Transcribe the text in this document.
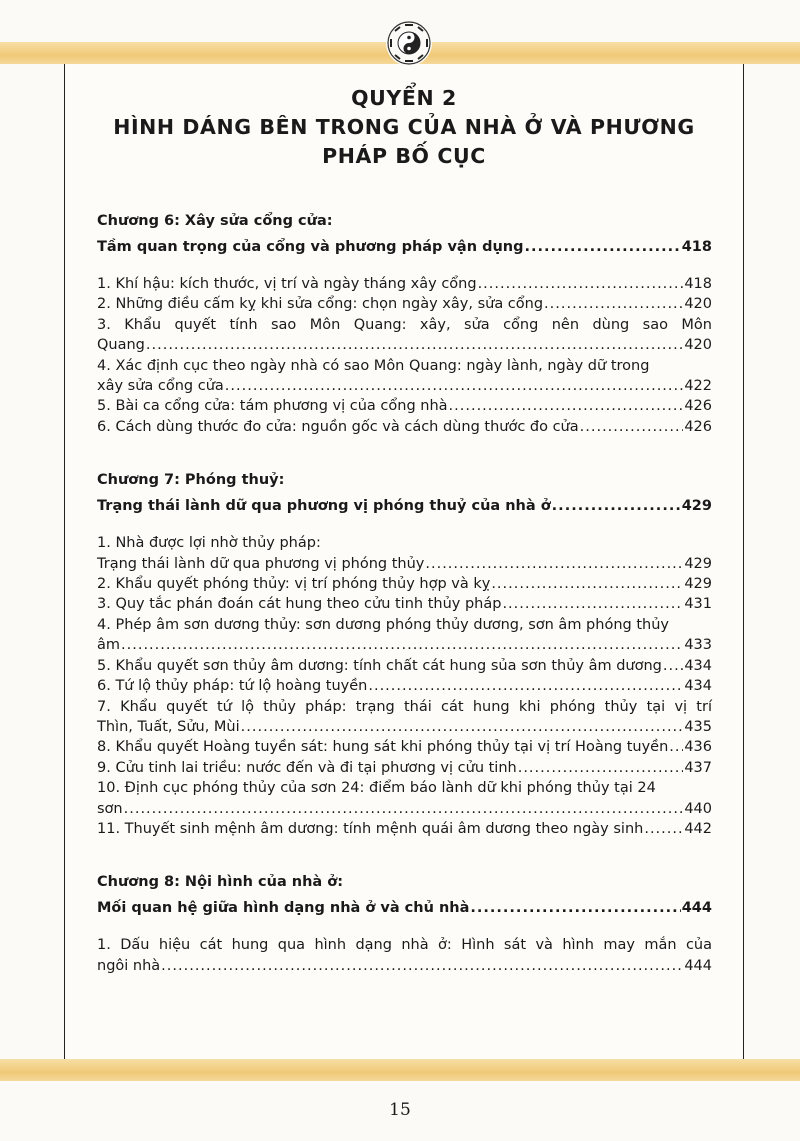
QUYỂN 2
HÌNH DÁNG BÊN TRONG CỦA NHÀ Ở VÀ PHƯƠNG
PHÁP BỐ CỤC
Chương 6: Xây sửa cổng cửa:
Tầm quan trọng của cổng và phương pháp vận dụng .....	418
1. Khí hậu: kích thước, vị trí và ngày tháng xây cổng .....	418
2. Những điều cấm kỵ khi sửa cổng: chọn ngày xây, sửa cổng .....	420
3. Khẩu quyết tính sao Môn Quang: xây, sửa cổng nên dùng sao Môn
Quang .....	420
4. Xác định cục theo ngày nhà có sao Môn Quang: ngày lành, ngày dữ trong
xây sửa cổng cửa .....	422
5. Bài ca cổng cửa: tám phương vị của cổng nhà .....	426
6. Cách dùng thước đo cửa: nguồn gốc và cách dùng thước đo cửa .....	426
Chương 7: Phóng thuỷ:
Trạng thái lành dữ qua phương vị phóng thuỷ của nhà ở .....	429
1. Nhà được lợi nhờ thủy pháp:
Trạng thái lành dữ qua phương vị phóng thủy .....	429
2. Khẩu quyết phóng thủy: vị trí phóng thủy hợp và kỵ .....	429
3. Quy tắc phán đoán cát hung theo cửu tinh thủy pháp .....	431
4. Phép âm sơn dương thủy: sơn dương phóng thủy dương, sơn âm phóng thủy
âm .....	433
5. Khẩu quyết sơn thủy âm dương: tính chất cát hung sủa sơn thủy âm dương ..... 434
6. Tứ lộ thủy pháp: tứ lộ hoàng tuyền .....	434
7. Khẩu quyết tứ lộ thủy pháp: trạng thái cát hung khi phóng thủy tại vị trí
Thìn, Tuất, Sửu, Mùi .....	435
8. Khẩu quyết Hoàng tuyền sát: hung sát khi phóng thủy tại vị trí Hoàng tuyền ..... 436
9. Cửu tinh lai triều: nước đến và đi tại phương vị cửu tinh .....	437
10. Định cục phóng thủy của sơn 24: điểm báo lành dữ khi phóng thủy tại 24
sơn .....	440
11. Thuyết sinh mệnh âm dương: tính mệnh quái âm dương theo ngày sinh .....	442
Chương 8: Nội hình của nhà ở:
Mối quan hệ giữa hình dạng nhà ở và chủ nhà .....	444
1. Dấu hiệu cát hung qua hình dạng nhà ở: Hình sát và hình may mắn của
ngôi nhà .....	444
15
